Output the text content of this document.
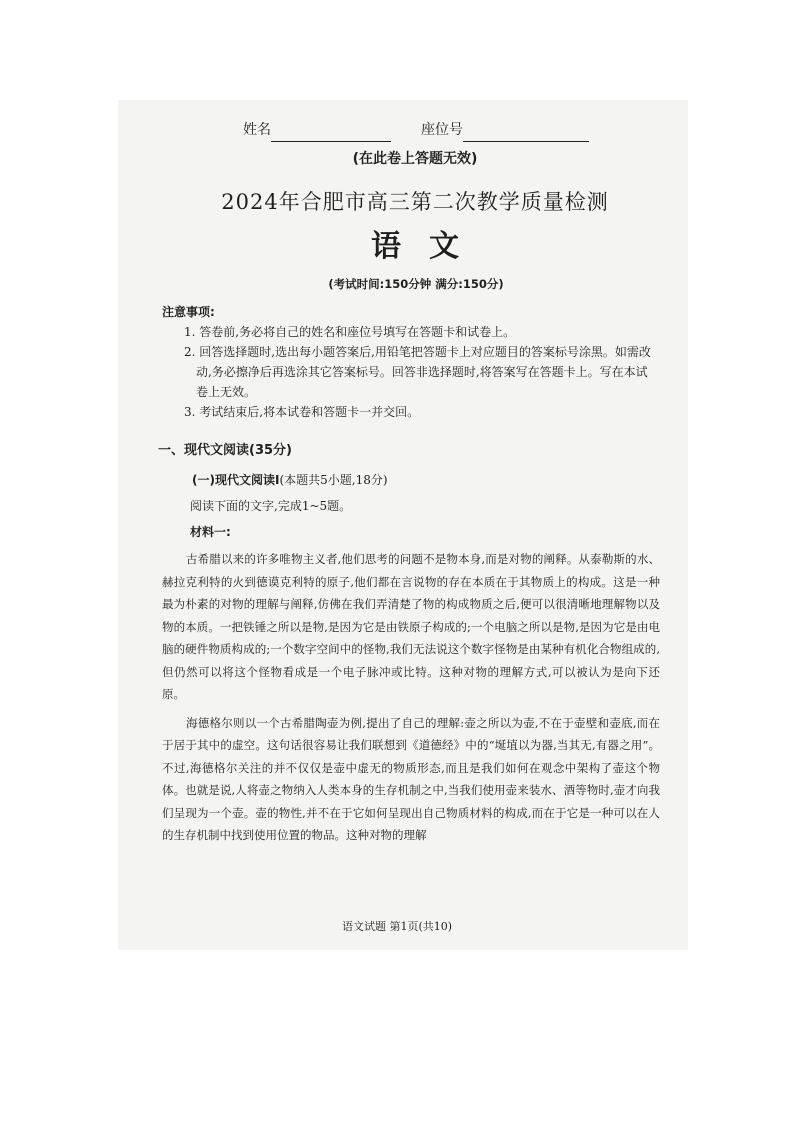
姓名	座位号
(在此卷上答题无效)
2024年合肥市高三第二次教学质量检测
语文
(考试时间:150分钟 满分:150分)
注意事项:
1. 答卷前,务必将自己的姓名和座位号填写在答题卡和试卷上。
2. 回答选择题时,选出每小题答案后,用铅笔把答题卡上对应题目的答案标号涂黑。如需改动,务必擦净后再选涂其它答案标号。回答非选择题时,将答案写在答题卡上。写在本试卷上无效。
3. 考试结束后,将本试卷和答题卡一并交回。
一、现代文阅读(35分)
(一)现代文阅读Ⅰ(本题共5小题,18分)
阅读下面的文字,完成1~5题。
材料一:

古希腊以来的许多唯物主义者,他们思考的问题不是物本身,而是对物的阐释。从泰勒斯的水、赫拉克利特的火到德谟克利特的原子,他们都在言说物的存在本质在于其物质上的构成。这是一种最为朴素的对物的理解与阐释,仿佛在我们弄清楚了物的构成物质之后,便可以很清晰地理解物以及物的本质。一把铁锤之所以是物,是因为它是由铁原子构成的;一个电脑之所以是物,是因为它是由电脑的硬件物质构成的;一个数字空间中的怪物,我们无法说这个数字怪物是由某种有机化合物组成的,但仍然可以将这个怪物看成是一个电子脉冲或比特。这种对物的理解方式,可以被认为是向下还原。

海德格尔则以一个古希腊陶壶为例,提出了自己的理解:壶之所以为壶,不在于壶壁和壶底,而在于居于其中的虚空。这句话很容易让我们联想到《道德经》中的“埏埴以为器,当其无,有器之用”。不过,海德格尔关注的并不仅仅是壶中虚无的物质形态,而且是我们如何在观念中架构了壶这个物体。也就是说,人将壶之物纳入人类本身的生存机制之中,当我们使用壶来装水、酒等物时,壶才向我们呈现为一个壶。壶的物性,并不在于它如何呈现出自己物质材料的构成,而在于它是一种可以在人的生存机制中找到使用位置的物品。这种对物的理解

语文试题 第1页(共10)
